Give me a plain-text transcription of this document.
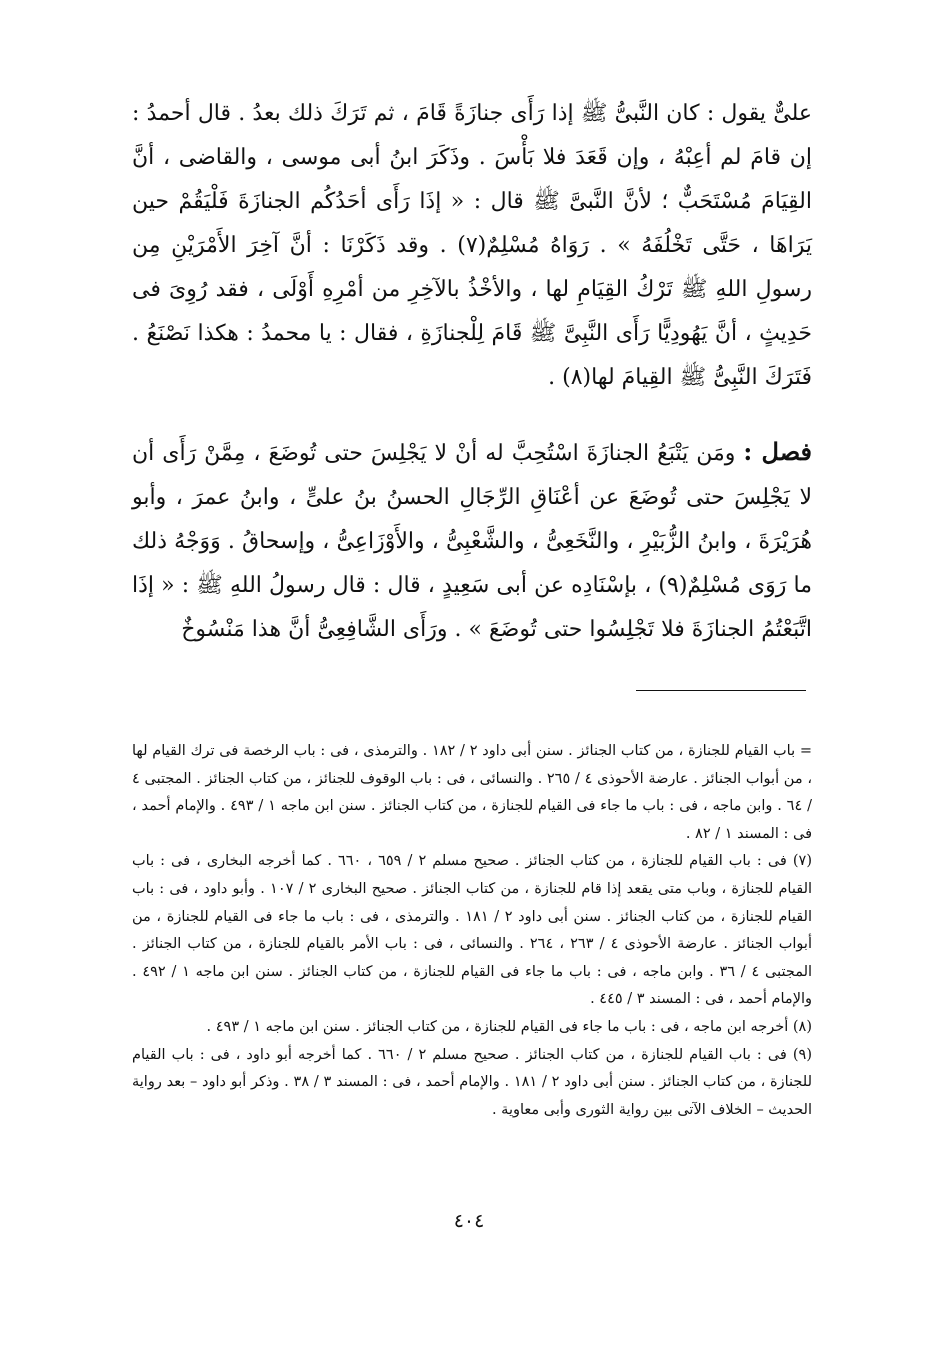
علىٌّ يقول : كان النَّبىُّ ﷺ إذا رَأَى جنازَةً قَامَ ، ثم تَرَكَ ذلك بعدُ . قال أحمدُ : إن قامَ لم أعِبْهُ ، وإن قَعَدَ فلا بَأْسَ . وذَكَرَ ابنُ أبى موسى ، والقاضى ، أنَّ القِيَامَ مُسْتَحَبٌّ ؛ لأنَّ النَّبىَّ ﷺ قال : « إذَا رَأَى أحَدُكُم الجنازَةَ فَلْيَقُمْ حين يَرَاهَا ، حَتَّى تَخْلُفَهُ » . رَوَاهُ مُسْلِمٌ(٧) . وقد ذَكَرْنَا : أنَّ آخِرَ الأَمْرَيْنِ مِن رسولِ اللهِ ﷺ تَرْكُ القِيَامِ لها ، والأخْذُ بالآخِرِ من أمْرِهِ أَوْلَى ، فقد رُوِىَ فى حَدِيثٍ ، أنَّ يَهُودِيًّا رَأَى النَّبِىَّ ﷺ قَامَ لِلْجنازَةِ ، فقال : يا محمدُ : هكذا نَصْنَعُ . فَتَرَكَ النَّبِىُّ ﷺ القِيامَ لها(٨) .

فصل : ومَن يَتْبَعُ الجنازَةَ اسْتُحِبَّ له أنْ لا يَجْلِسَ حتى تُوضَعَ ، مِمَّنْ رَأَى أن لا يَجْلِسَ حتى تُوضَعَ عن أعْنَاقِ الرِّجَالِ الحسنُ بنُ علىٍّ ، وابنُ عمرَ ، وأبو هُرَيْرَةَ ، وابنُ الزُّبَيْرِ ، والنَّخَعِىُّ ، والشَّعْبِىُّ ، والأَوْزَاعِىُّ ، وإسحاقُ . وَوَجْهُ ذلك ما رَوَى مُسْلِمٌ(٩) ، بإسْنَادِه عن أبى سَعِيدٍ ، قال : قال رسولُ اللهِ ﷺ : « إذَا اتَّبَعْتُمُ الجنازَةَ فلا تَجْلِسُوا حتى تُوضَعَ » . ورَأَى الشَّافِعِىُّ أنَّ هذا مَنْسُوخٌ

= باب القيام للجنازة ، من كتاب الجنائز . سنن أبى داود ٢ / ١٨٢ . والترمذى ، فى : باب الرخصة فى ترك القيام لها ، من أبواب الجنائز . عارضة الأحوذى ٤ / ٢٦٥ . والنسائى ، فى : باب الوقوف للجنائز ، من كتاب الجنائز . المجتبى ٤ / ٦٤ . وابن ماجه ، فى : باب ما جاء فى القيام للجنازة ، من كتاب الجنائز . سنن ابن ماجه ١ / ٤٩٣ . والإمام أحمد ، فى : المسند ١ / ٨٢ .

(٧) فى : باب القيام للجنازة ، من كتاب الجنائز . صحيح مسلم ٢ / ٦٥٩ ، ٦٦٠ . كما أخرجه البخارى ، فى : باب القيام للجنازة ، وباب متى يقعد إذا قام للجنازة ، من كتاب الجنائز . صحيح البخارى ٢ / ١٠٧ . وأبو داود ، فى : باب القيام للجنازة ، من كتاب الجنائز . سنن أبى داود ٢ / ١٨١ . والترمذى ، فى : باب ما جاء فى القيام للجنازة ، من أبواب الجنائز . عارضة الأحوذى ٤ / ٢٦٣ ، ٢٦٤ . والنسائى ، فى : باب الأمر بالقيام للجنازة ، من كتاب الجنائز . المجتبى ٤ / ٣٦ . وابن ماجه ، فى : باب ما جاء فى القيام للجنازة ، من كتاب الجنائز . سنن ابن ماجه ١ / ٤٩٢ . والإمام أحمد ، فى : المسند ٣ / ٤٤٥ .

(٨) أخرجه ابن ماجه ، فى : باب ما جاء فى القيام للجنازة ، من كتاب الجنائز . سنن ابن ماجه ١ / ٤٩٣ .

(٩) فى : باب القيام للجنازة ، من كتاب الجنائز . صحيح مسلم ٢ / ٦٦٠ . كما أخرجه أبو داود ، فى : باب القيام للجنازة ، من كتاب الجنائز . سنن أبى داود ٢ / ١٨١ . والإمام أحمد ، فى : المسند ٣ / ٣٨ . وذكر أبو داود – بعد رواية الحديث – الخلاف الآتى بين رواية الثورى وأبى معاوية .

٤٠٤
